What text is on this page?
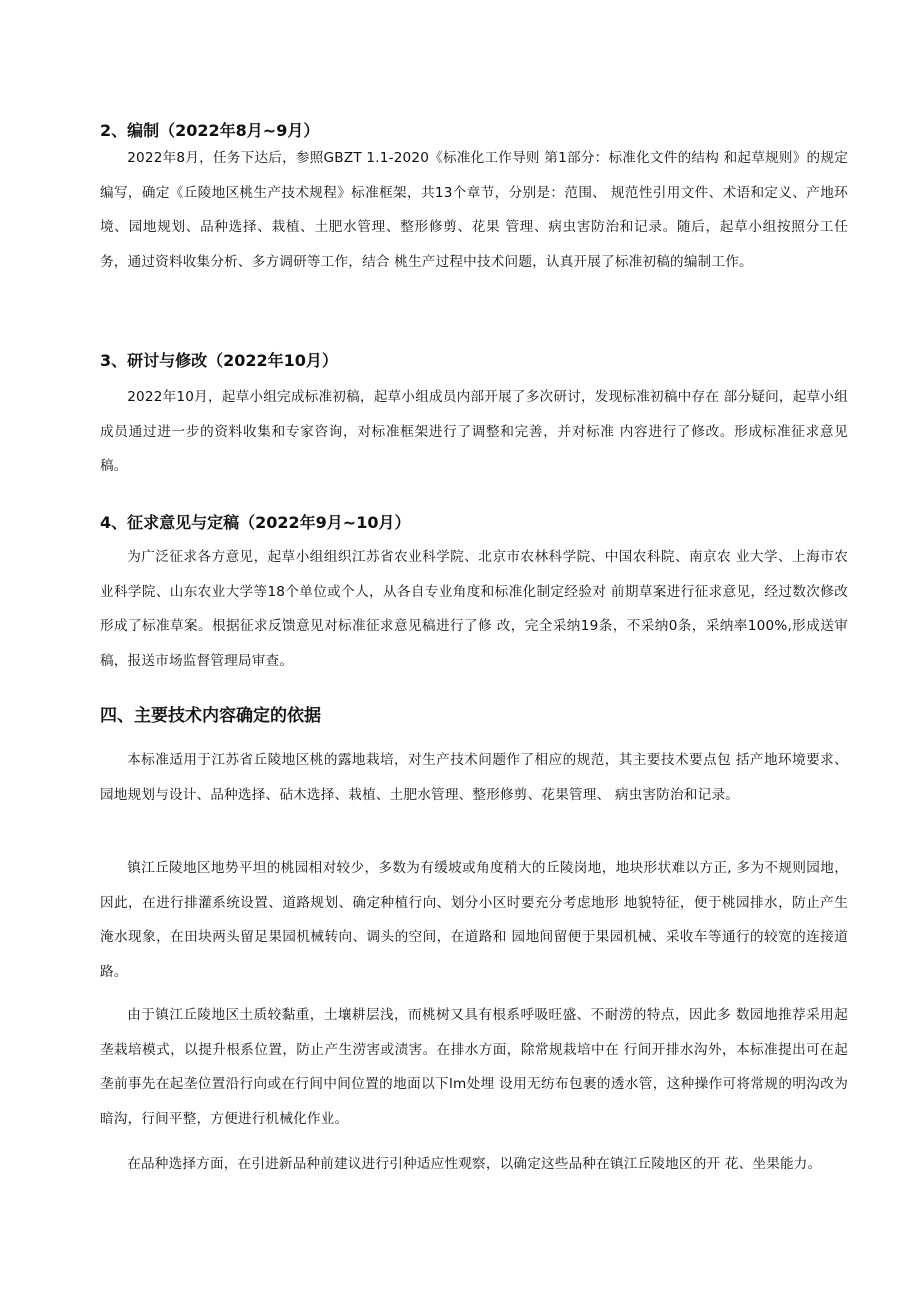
2、编制（2022年8月~9月）

2022年8月，任务下达后，参照GBZT 1.1-2020《标准化工作导则 第1部分：标准化文件的结构 和起草规则》的规定编写，确定《丘陵地区桃生产技术规程》标准框架，共13个章节，分别是：范围、 规范性引用文件、术语和定义、产地环境、园地规划、品种选择、栽植、土肥水管理、整形修剪、花果 管理、病虫害防治和记录。随后，起草小组按照分工任务，通过资料收集分析、多方调研等工作，结合 桃生产过程中技术问题，认真开展了标准初稿的编制工作。

3、研讨与修改（2022年10月）

2022年10月，起草小组完成标准初稿，起草小组成员内部开展了多次研讨，发现标准初稿中存在 部分疑问，起草小组成员通过进一步的资料收集和专家咨询，对标准框架进行了调整和完善，并对标准 内容进行了修改。形成标准征求意见稿。

4、征求意见与定稿（2022年9月~10月）

为广泛征求各方意见，起草小组组织江苏省农业科学院、北京市农林科学院、中国农科院、南京农 业大学、上海市农业科学院、山东农业大学等18个单位或个人，从各自专业角度和标准化制定经验对 前期草案进行征求意见，经过数次修改形成了标准草案。根据征求反馈意见对标准征求意见稿进行了修 改，完全采纳19条，不采纳0条，采纳率100%,形成送审稿，报送市场监督管理局审查。

四、主要技术内容确定的依据

本标准适用于江苏省丘陵地区桃的露地栽培，对生产技术问题作了相应的规范，其主要技术要点包 括产地环境要求、园地规划与设计、品种选择、砧木选择、栽植、土肥水管理、整形修剪、花果管理、 病虫害防治和记录。

镇江丘陵地区地势平坦的桃园相对较少，多数为有缓坡或角度稍大的丘陵岗地，地块形状难以方正, 多为不规则园地，因此，在进行排灌系统设置、道路规划、确定种植行向、划分小区时要充分考虑地形 地貌特征，便于桃园排水，防止产生淹水现象，在田块两头留足果园机械转向、调头的空间，在道路和 园地间留便于果园机械、采收车等通行的较宽的连接道路。

由于镇江丘陵地区土质较黏重，土壤耕层浅，而桃树又具有根系呼吸旺盛、不耐涝的特点，因此多 数园地推荐采用起垄栽培模式，以提升根系位置，防止产生涝害或渍害。在排水方面，除常规栽培中在 行间开排水沟外，本标准提出可在起垄前事先在起垄位置沿行向或在行间中间位置的地面以下lm处埋 设用无纺布包裹的透水管，这种操作可将常规的明沟改为暗沟，行间平整，方便进行机械化作业。

在品种选择方面，在引进新品种前建议进行引种适应性观察，以确定这些品种在镇江丘陵地区的开 花、坐果能力。
